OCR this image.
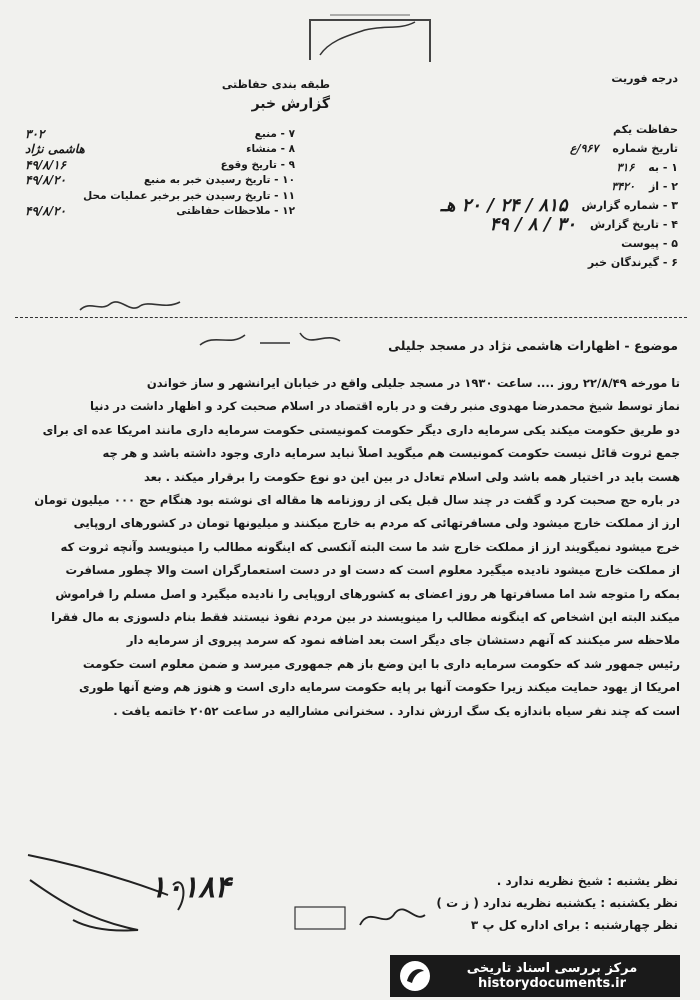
طبقه بندی حفاظتی
گزارش خبر
درجه فوریت
حفاظت یکم
تاریخ شماره
۹۶۷/ع
۱ - به
۳۱۶
۲ - از
۳۴۲۰
۳ - شماره گزارش
۸۱۵ / ۲۴ / ۲۰ هـ
۴ - تاریخ گزارش
۳۰ / ۸ / ۴۹
۵ - پیوست
۶ - گیرندگان خبر
۷ - منبع
۳۰۲
۸ - منشاء
هاشمی نژاد
۹ - تاریخ وقوع
۴۹/۸/۱۶
۱۰ - تاریخ رسیدن خبر به منبع
۴۹/۸/۲۰
۱۱ - تاریخ رسیدن خبر برخبر عملیات محل
۱۲ - ملاحظات حفاظتی
۴۹/۸/۲۰
موضوع - اظهارات هاشمی نژاد در مسجد جلیلی
تا مورخه ۲۲/۸/۴۹ روز .... ساعت ۱۹۳۰ در مسجد جلیلی واقع در خیابان ایرانشهر و ساز خواندن
نماز توسط شیخ محمدرضا مهدوی منبر رفت و در باره اقتصاد در اسلام صحبت کرد و اظهار داشت در دنیا
دو طریق حکومت میکند یکی سرمایه داری دیگر حکومت کمونیستی حکومت سرمایه داری مانند امریکا عده ای برای
جمع ثروت قائل نیست حکومت کمونیست هم میگوید اصلاً نباید سرمایه داری وجود داشته باشد و هر چه
هست باید در اختیار همه باشد ولی اسلام تعادل در بین این دو نوع حکومت را برقرار میکند . بعد
در باره حج صحبت کرد و گفت در چند سال قبل یکی از روزنامه ها مقاله ای نوشته بود هنگام حج ۰۰۰ میلیون تومان
ارز از مملکت خارج میشود ولی مسافرتهائی که مردم به خارج میکنند و میلیونها تومان در کشورهای اروپایی
خرج میشود نمیگویند ارز از مملکت خارج شد ما ست البته آنکسی که اینگونه مطالب را مینویسد وآنچه ثروت که
از مملکت خارج میشود نادیده میگیرد معلوم است که دست او در دست استعمارگران است والا چطور مسافرت
بمکه را متوجه شد اما مسافرتها هر روز اعضای به کشورهای اروپایی را نادیده میگیرد و اصل مسلم را فراموش
میکند البته این اشخاص که اینگونه مطالب را مینویسند در بین مردم نفوذ نیستند فقط بنام دلسوزی به مال فقرا
ملاحظه سر میکنند که آنهم دستشان جای دیگر است بعد اضافه نمود که سرمد پیروی از سرمایه دار
رئیس جمهور شد که حکومت سرمایه داری با این وضع باز هم جمهوری میرسد و ضمن معلوم است حکومت
امریکا از یهود حمایت میکند زیرا حکومت آنها بر پایه حکومت سرمایه داری است و هنوز هم وضع آنها طوری
است که چند نفر سیاه باندازه یک سگ ارزش ندارد . سخنرانی مشارالیه در ساعت ۲۰۵۲ خاتمه یافت .
نظر یشنبه : شیخ نظریه ندارد .
نظر یکشنبه : یکشنبه نظریه ندارد ( ز ت )
نظر چهارشنبه : برای اداره کل پ ۳
۱۰۱۸۴
مرکز بررسی اسناد تاریخی
historydocuments.ir
